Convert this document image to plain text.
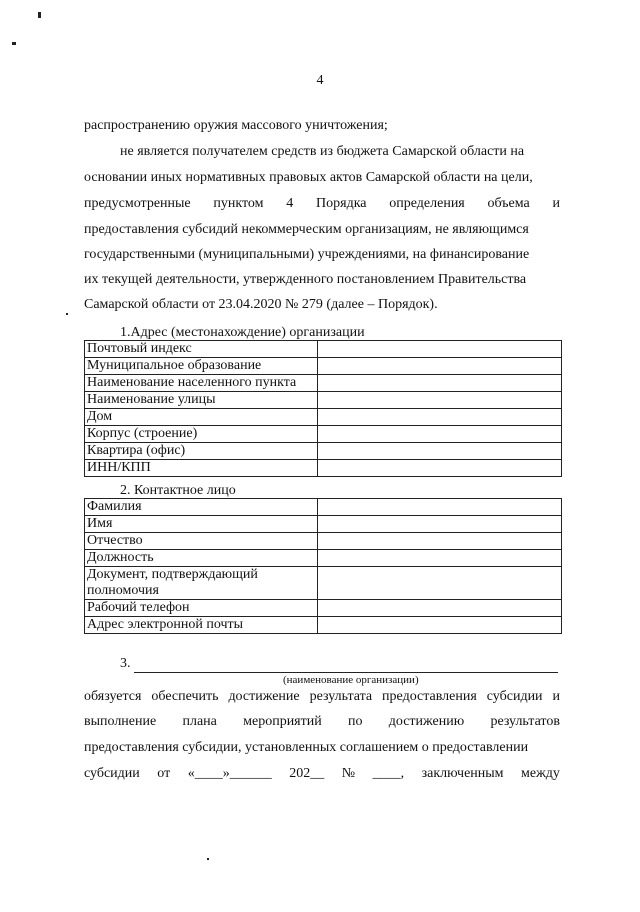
4
распространению оружия массового уничтожения;
не является получателем средств из бюджета Самарской области на
основании иных нормативных правовых актов Самарской области на цели,
предусмотренные пунктом 4 Порядка определения объема и
предоставления субсидий некоммерческим организациям, не являющимся
государственными (муниципальными) учреждениями, на финансирование
их текущей деятельности, утвержденного постановлением Правительства
Самарской области от 23.04.2020 № 279 (далее – Порядок).
1.Адрес (местонахождение) организации
Почтовый индекс	
Муниципальное образование	
Наименование населенного пункта	
Наименование улицы	
Дом	
Корпус (строение)	
Квартира (офис)	
ИНН/КПП	
2. Контактное лицо
Фамилия	
Имя	
Отчество	
Должность	
Документ, подтверждающий полномочия	
Рабочий телефон	
Адрес электронной почты	
3.
(наименование организации)
обязуется обеспечить достижение результата предоставления субсидии и
выполнение плана мероприятий по достижению результатов
предоставления субсидии, установленных соглашением о предоставлении
субсидии от «____»______ 202__ № ____, заключенным между
